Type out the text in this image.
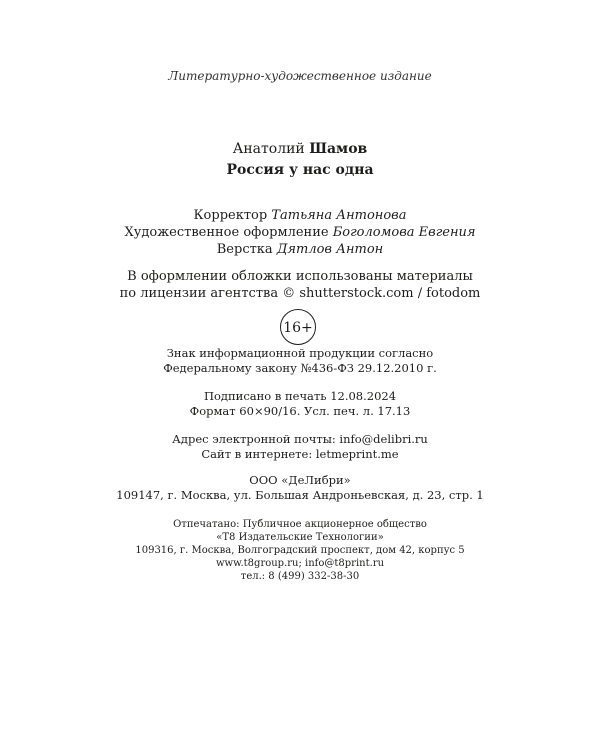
Литературно-художественное издание
Анатолий Шамов
Россия у нас одна
Корректор Татьяна Антонова
Художественное оформление Боголомова Евгения
Верстка Дятлов Антон
В оформлении обложки использованы материалы
по лицензии агентства © shutterstock.com / fotodom
16+
Знак информационной продукции согласно
Федеральному закону №436-ФЗ 29.12.2010 г.
Подписано в печать 12.08.2024
Формат 60×90/16. Усл. печ. л. 17.13
Адрес электронной почты: info@delibri.ru
Сайт в интернете: letmeprint.me
ООО «ДеЛибри»
109147, г. Москва, ул. Большая Андроньевская, д. 23, стр. 1
Отпечатано: Публичное акционерное общество
«Т8 Издательские Технологии»
109316, г. Москва, Волгоградский проспект, дом 42, корпус 5
www.t8group.ru; info@t8print.ru
тел.: 8 (499) 332-38-30
